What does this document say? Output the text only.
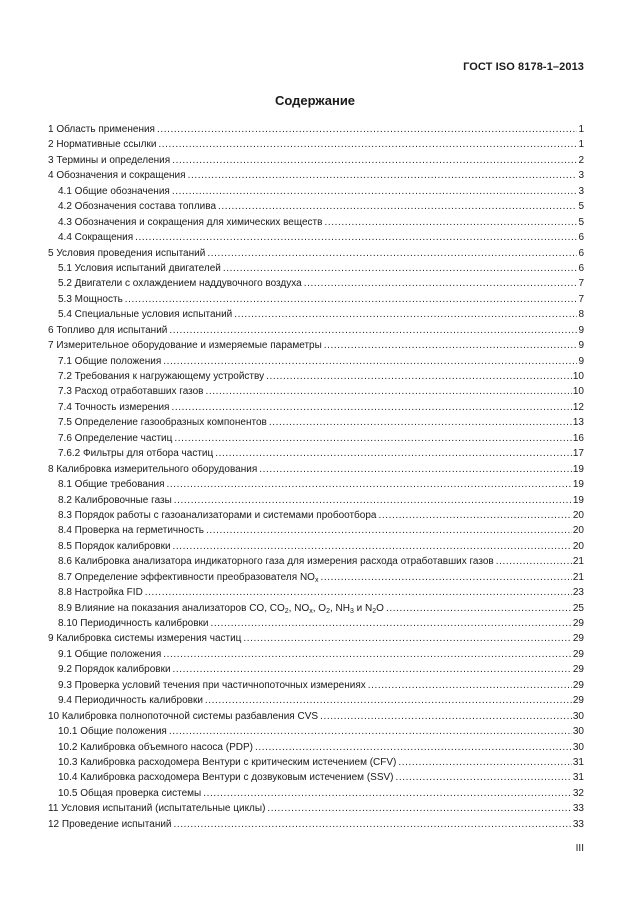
ГОСТ ISO 8178-1–2013
Содержание
1 Область применения .....	1
2 Нормативные ссылки .....	1
3 Термины и определения .....	2
4 Обозначения и сокращения .....	3
4.1 Общие обозначения .....	3
4.2 Обозначения состава топлива .....	5
4.3 Обозначения и сокращения для химических веществ .....	5
4.4 Сокращения .....	6
5 Условия проведения испытаний .....	6
5.1 Условия испытаний двигателей .....	6
5.2 Двигатели с охлаждением наддувочного воздуха .....	7
5.3 Мощность .....	7
5.4 Специальные условия испытаний .....	8
6 Топливо для испытаний .....	9
7 Измерительное оборудование и измеряемые параметры .....	9
7.1 Общие положения .....	9
7.2 Требования к нагружающему устройству .....	10
7.3 Расход отработавших газов .....	10
7.4 Точность измерения .....	12
7.5 Определение газообразных компонентов .....	13
7.6 Определение частиц .....	16
7.6.2 Фильтры для отбора частиц .....	17
8 Калибровка измерительного оборудования .....	19
8.1 Общие требования .....	19
8.2 Калибровочные газы .....	19
8.3 Порядок работы с газоанализаторами и системами пробоотбора .....	20
8.4 Проверка на герметичность .....	20
8.5 Порядок калибровки .....	20
8.6 Калибровка анализатора индикаторного газа для измерения расхода отработавших газов .....	21
8.7 Определение эффективности преобразователя $NO_x$ .....	21
8.8 Настройка FID .....	23
8.9 Влияние на показания анализаторов CO, $CO_2$, $NO_x$, $O_2$, $NH_3$ и $N_2O$ .....	25
8.10 Периодичность калибровки .....	29
9 Калибровка системы измерения частиц .....	29
9.1 Общие положения .....	29
9.2 Порядок калибровки .....	29
9.3 Проверка условий течения при частичнопоточных измерениях .....	29
9.4 Периодичность калибровки .....	29
10 Калибровка полнопоточной системы разбавления CVS .....	30
10.1 Общие положения .....	30
10.2 Калибровка объемного насоса (PDP) .....	30
10.3 Калибровка расходомера Вентури с критическим истечением (CFV) .....	31
10.4 Калибровка расходомера Вентури с дозвуковым истечением (SSV) .....	31
10.5 Общая проверка системы .....	32
11 Условия испытаний (испытательные циклы) .....	33
12 Проведение испытаний .....	33
III
